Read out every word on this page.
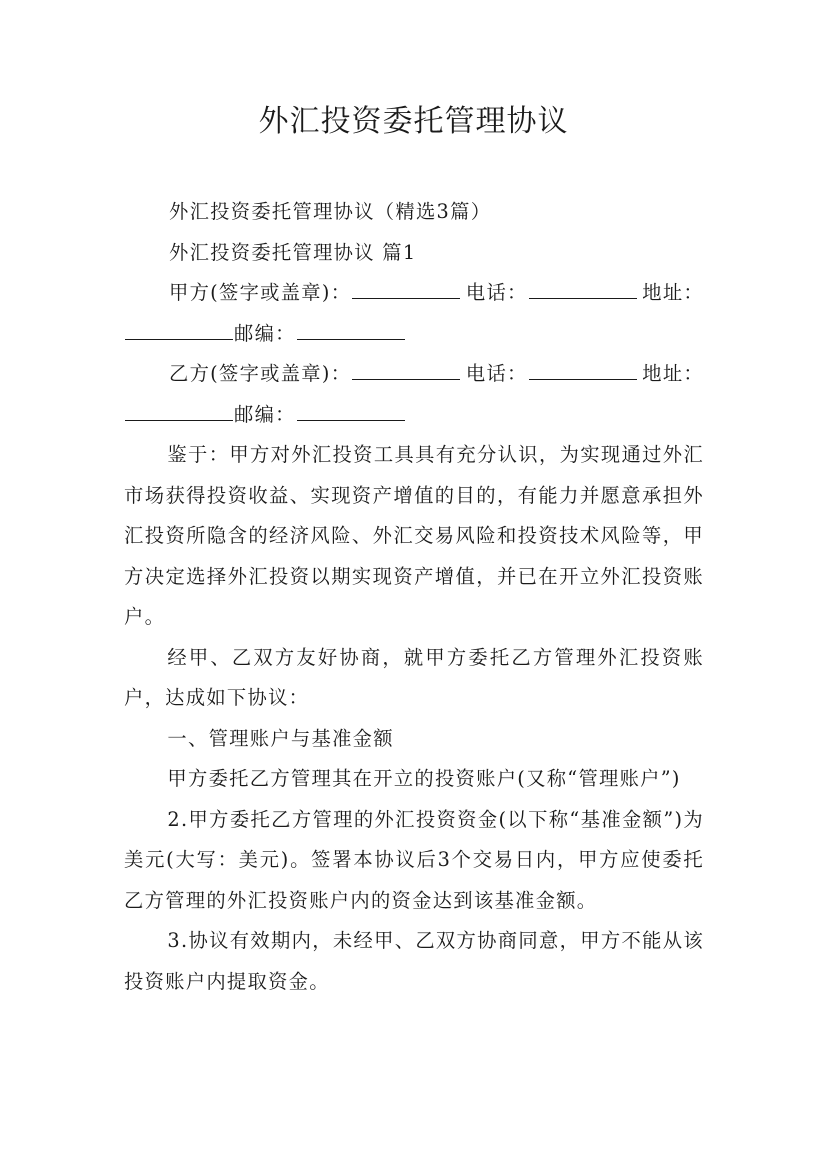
外汇投资委托管理协议
外汇投资委托管理协议（精选3篇）
外汇投资委托管理协议 篇1
甲方(签字或盖章)：	电话：	地址：
邮编：
乙方(签字或盖章)：	电话：	地址：
邮编：

鉴于：甲方对外汇投资工具具有充分认识，为实现通过外汇市场获得投资收益、实现资产增值的目的，有能力并愿意承担外汇投资所隐含的经济风险、外汇交易风险和投资技术风险等，甲方决定选择外汇投资以期实现资产增值，并已在开立外汇投资账户。

经甲、乙双方友好协商，就甲方委托乙方管理外汇投资账户，达成如下协议：

一、管理账户与基准金额

甲方委托乙方管理其在开立的投资账户(又称“管理账户”)

2.甲方委托乙方管理的外汇投资资金(以下称“基准金额”)为美元(大写：美元)。签署本协议后3个交易日内，甲方应使委托乙方管理的外汇投资账户内的资金达到该基准金额。

3.协议有效期内，未经甲、乙双方协商同意，甲方不能从该投资账户内提取资金。
